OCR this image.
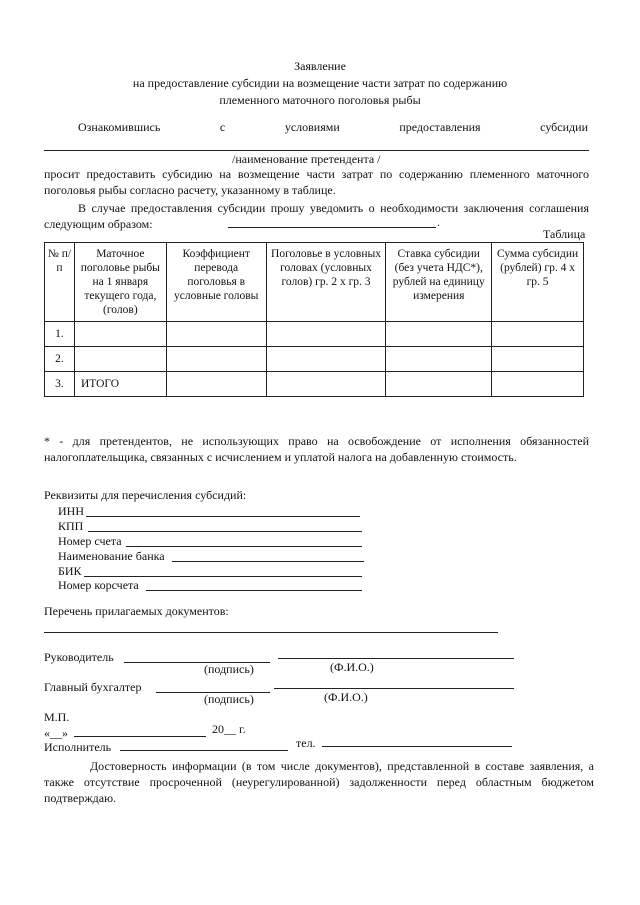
Заявление
на предоставление субсидии на возмещение части затрат по содержанию
племенного маточного поголовья рыбы
Ознакомившись	с	условиями	предоставления	субсидии
/наименование претендента /
просит предоставить субсидию на возмещение части затрат по содержанию племенного маточного поголовья рыбы согласно расчету, указанному в таблице.
В случае предоставления субсидии прошу уведомить о необходимости заключения соглашения следующим образом:	.
Таблица
№ п/п	Маточное поголовье рыбы на 1 января текущего года, (голов)	Коэффициент перевода поголовья в условные головы	Поголовье в условных головах (условных голов) гр. 2 х гр. 3	Ставка субсидии (без учета НДС*), рублей на единицу измерения	Сумма субсидии (рублей) гр. 4 х гр. 5
1.					
2.					
3.	ИТОГО				
* - для претендентов, не использующих право на освобождение от исполнения обязанностей налогоплательщика, связанных с исчислением и уплатой налога на добавленную стоимость.
Реквизиты для перечисления субсидий:
ИНН
КПП
Номер счета
Наименование банка
БИК
Номер корсчета
Перечень прилагаемых документов:
Руководитель
(подпись)	(Ф.И.О.)
Главный бухгалтер
(подпись)	(Ф.И.О.)
М.П.
«__»	20__ г.
Исполнитель	тел.
Достоверность информации (в том числе документов), представленной в составе заявления, а также отсутствие просроченной (неурегулированной) задолженности перед областным бюджетом подтверждаю.
